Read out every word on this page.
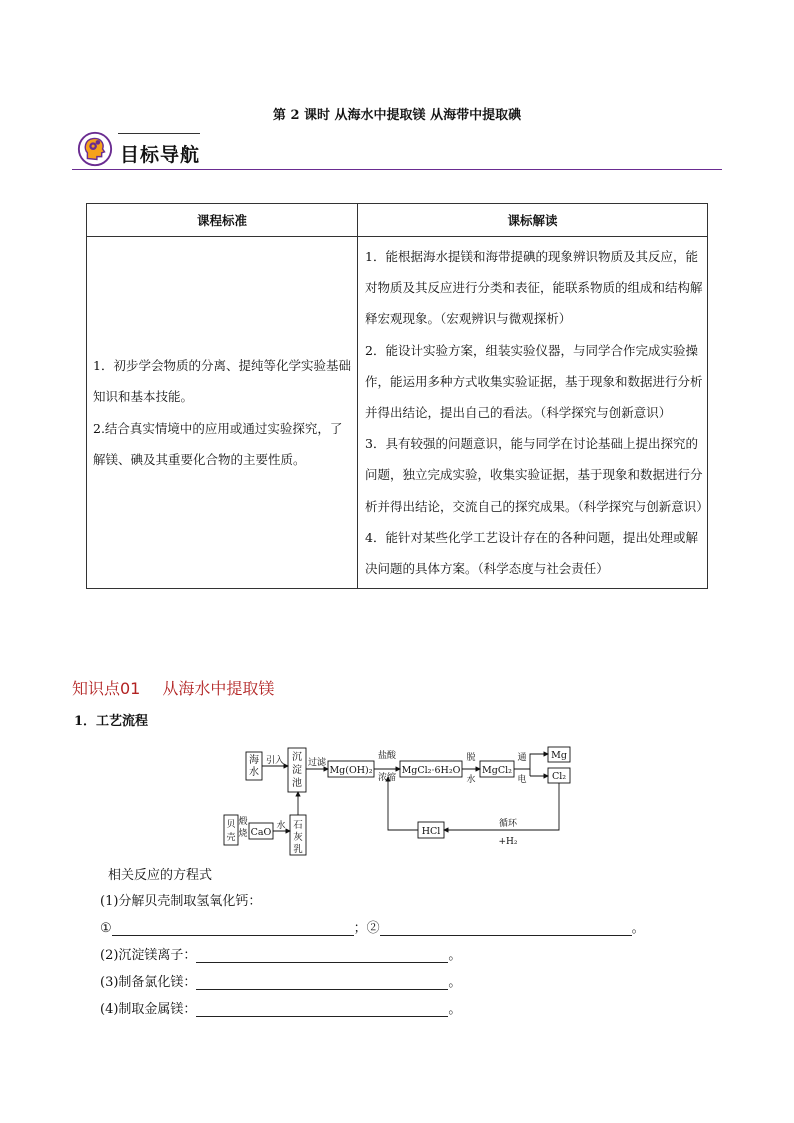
第 2 课时 从海水中提取镁 从海带中提取碘
目标导航
课程标准	课标解读

1．初步学会物质的分离、提纯等化学实验基础知识和基本技能。
2.结合真实情境中的应用或通过实验探究，了解镁、碘及其重要化合物的主要性质。	1．能根据海水提镁和海带提碘的现象辨识物质及其反应，能对物质及其反应进行分类和表征，能联系物质的组成和结构解释宏观现象。（宏观辨识与微观探析）
2．能设计实验方案，组装实验仪器，与同学合作完成实验操作，能运用多种方式收集实验证据，基于现象和数据进行分析并得出结论，提出自己的看法。（科学探究与创新意识）
3．具有较强的问题意识，能与同学在讨论基础上提出探究的问题，独立完成实验，收集实验证据，基于现象和数据进行分析并得出结论，交流自己的探究成果。（科学探究与创新意识）
4．能针对某些化学工艺设计存在的各种问题，提出处理或解决问题的具体方案。（科学态度与社会责任）
知识点01 从海水中提取镁
1．工艺流程
海
水
引入 沉
淀
池
过滤
Mg(OH)₂
盐酸
浓缩
MgCl₂·6H₂O
脱
水
MgCl₂
通
电
Mg
Cl₂
贝
壳
煅
烧 CaO
水 石
灰
乳
HCl
循环
+H₂
相关反应的方程式
(1)分解贝壳制取氢氧化钙：
①	；②	。
(2)沉淀镁离子：	。
(3)制备氯化镁：	。
(4)制取金属镁：	。
